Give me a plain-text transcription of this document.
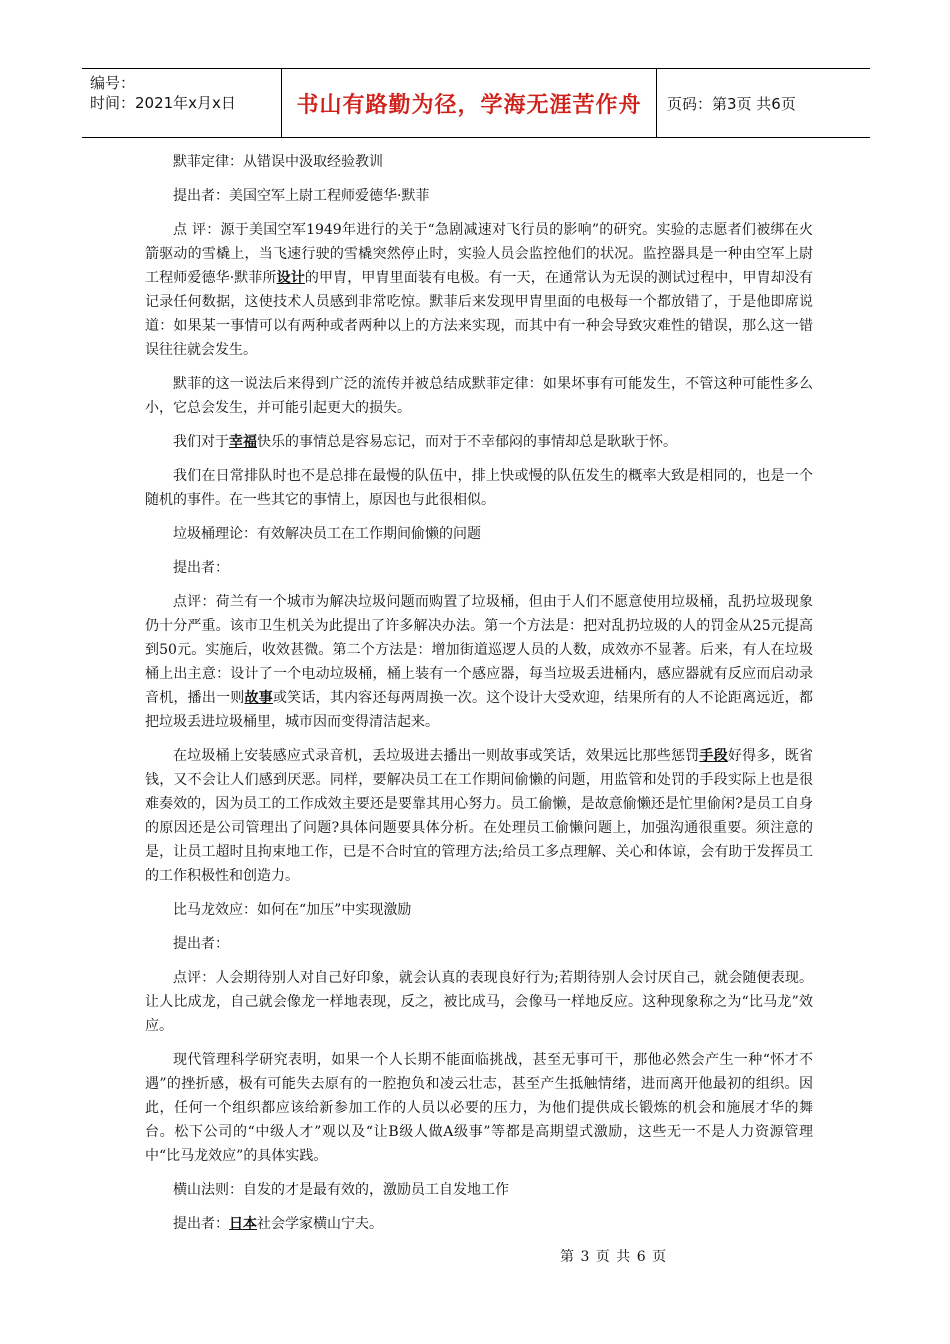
编号：
时间：2021年x月x日	书山有路勤为径，学海无涯苦作舟	页码：第3页 共6页

默菲定律：从错误中汲取经验教训

提出者：美国空军上尉工程师爱德华·默菲

点 评：源于美国空军1949年进行的关于“急剧减速对飞行员的影响”的研究。实验的志愿者们被绑在火箭驱动的雪橇上，当飞速行驶的雪橇突然停止时，实验人员会监控他们的状况。监控器具是一种由空军上尉工程师爱德华·默菲所设计的甲胄，甲胄里面装有电极。有一天，在通常认为无误的测试过程中，甲胄却没有记录任何数据，这使技术人员感到非常吃惊。默菲后来发现甲胄里面的电极每一个都放错了，于是他即席说道：如果某一事情可以有两种或者两种以上的方法来实现，而其中有一种会导致灾难性的错误，那么这一错误往往就会发生。

默菲的这一说法后来得到广泛的流传并被总结成默菲定律：如果坏事有可能发生，不管这种可能性多么小，它总会发生，并可能引起更大的损失。

我们对于幸福快乐的事情总是容易忘记，而对于不幸郁闷的事情却总是耿耿于怀。

我们在日常排队时也不是总排在最慢的队伍中，排上快或慢的队伍发生的概率大致是相同的，也是一个随机的事件。在一些其它的事情上，原因也与此很相似。

垃圾桶理论：有效解决员工在工作期间偷懒的问题

提出者：

点评：荷兰有一个城市为解决垃圾问题而购置了垃圾桶，但由于人们不愿意使用垃圾桶，乱扔垃圾现象仍十分严重。该市卫生机关为此提出了许多解决办法。第一个方法是：把对乱扔垃圾的人的罚金从25元提高到50元。实施后，收效甚微。第二个方法是：增加街道巡逻人员的人数，成效亦不显著。后来，有人在垃圾桶上出主意：设计了一个电动垃圾桶，桶上装有一个感应器，每当垃圾丢进桶内，感应器就有反应而启动录音机，播出一则故事或笑话，其内容还每两周换一次。这个设计大受欢迎，结果所有的人不论距离远近，都把垃圾丢进垃圾桶里，城市因而变得清洁起来。

在垃圾桶上安装感应式录音机，丢垃圾进去播出一则故事或笑话，效果远比那些惩罚手段好得多，既省钱，又不会让人们感到厌恶。同样，要解决员工在工作期间偷懒的问题，用监管和处罚的手段实际上也是很难奏效的，因为员工的工作成效主要还是要靠其用心努力。员工偷懒，是故意偷懒还是忙里偷闲?是员工自身的原因还是公司管理出了问题?具体问题要具体分析。在处理员工偷懒问题上，加强沟通很重要。须注意的是，让员工超时且拘束地工作，已是不合时宜的管理方法;给员工多点理解、关心和体谅，会有助于发挥员工的工作积极性和创造力。

比马龙效应：如何在“加压”中实现激励

提出者：

点评：人会期待别人对自己好印象，就会认真的表现良好行为;若期待别人会讨厌自己，就会随便表现。让人比成龙，自己就会像龙一样地表现，反之，被比成马，会像马一样地反应。这种现象称之为“比马龙”效应。

现代管理科学研究表明，如果一个人长期不能面临挑战，甚至无事可干，那他必然会产生一种“怀才不遇”的挫折感，极有可能失去原有的一腔抱负和凌云壮志，甚至产生抵触情绪，进而离开他最初的组织。因此，任何一个组织都应该给新参加工作的人员以必要的压力，为他们提供成长锻炼的机会和施展才华的舞台。松下公司的“中级人才”观以及“让B级人做A级事”等都是高期望式激励，这些无一不是人力资源管理中“比马龙效应”的具体实践。

横山法则：自发的才是最有效的，激励员工自发地工作

提出者：日本社会学家横山宁夫。

第 3 页 共 6 页
